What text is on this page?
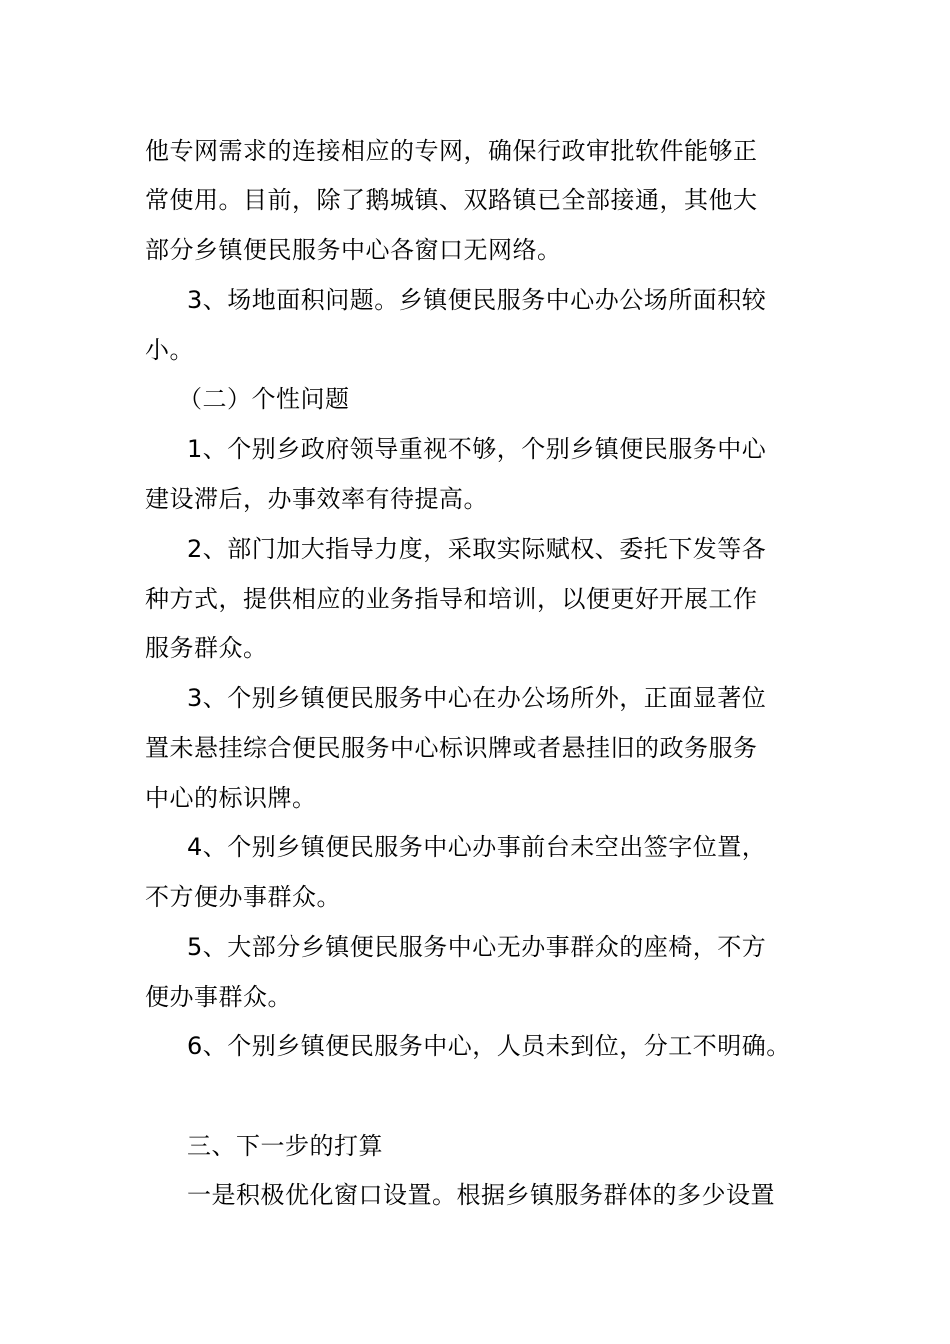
他专网需求的连接相应的专网，确保行政审批软件能够正
常使用。目前，除了鹅城镇、双路镇已全部接通，其他大
部分乡镇便民服务中心各窗口无网络。
3、场地面积问题。乡镇便民服务中心办公场所面积较
小。
（二）个性问题
1、个别乡政府领导重视不够，个别乡镇便民服务中心
建设滞后，办事效率有待提高。
2、部门加大指导力度，采取实际赋权、委托下发等各
种方式，提供相应的业务指导和培训，以便更好开展工作
服务群众。
3、个别乡镇便民服务中心在办公场所外，正面显著位
置未悬挂综合便民服务中心标识牌或者悬挂旧的政务服务
中心的标识牌。
4、个别乡镇便民服务中心办事前台未空出签字位置，
不方便办事群众。
5、大部分乡镇便民服务中心无办事群众的座椅，不方
便办事群众。
6、个别乡镇便民服务中心，人员未到位，分工不明确。
三、下一步的打算
一是积极优化窗口设置。根据乡镇服务群体的多少设置
